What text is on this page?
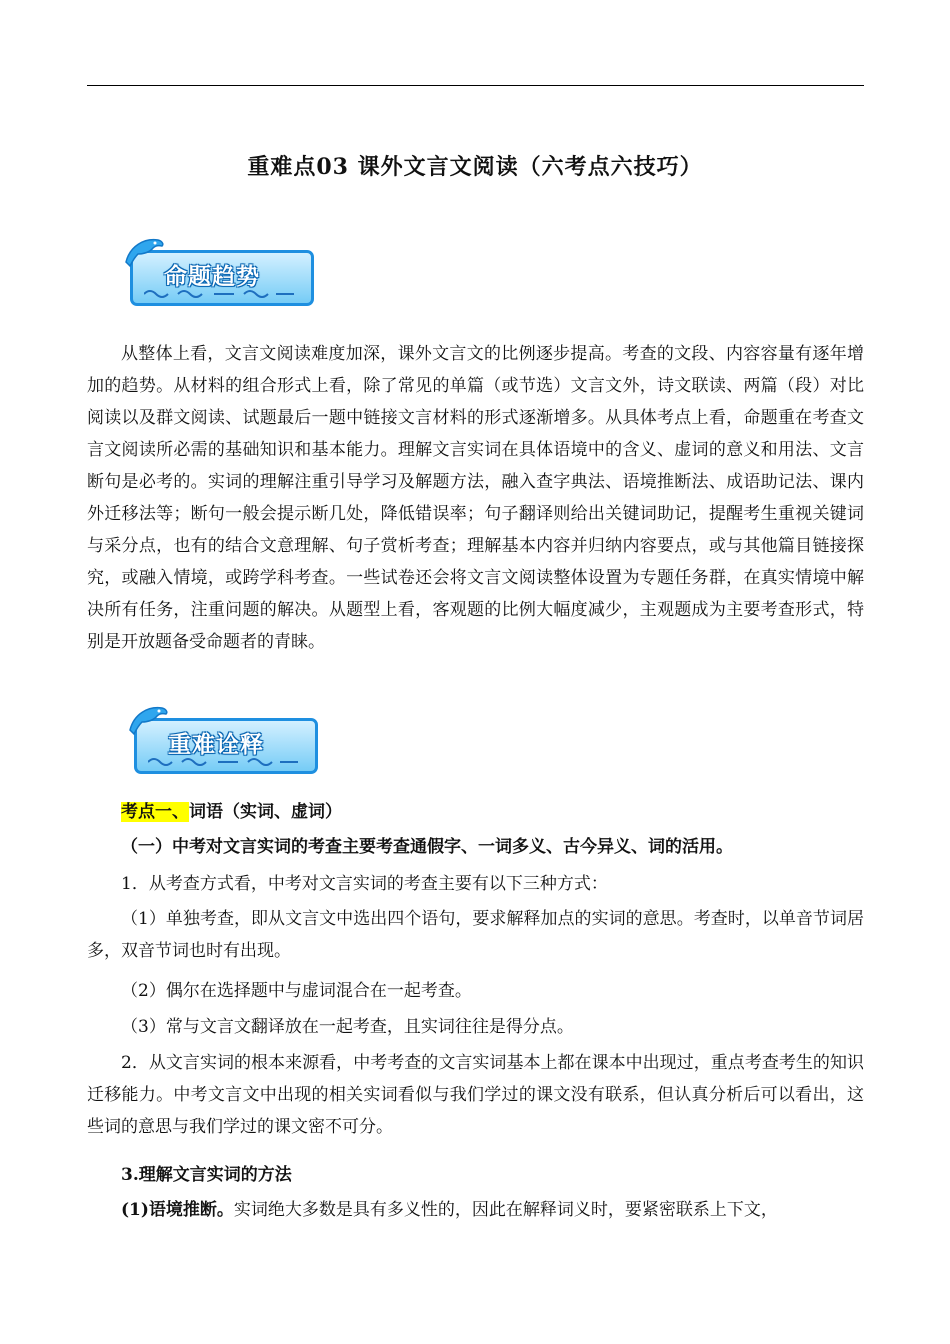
重难点03 课外文言文阅读（六考点六技巧）
命题趋势
从整体上看，文言文阅读难度加深，课外文言文的比例逐步提高。考查的文段、内容容量有逐年增加的趋势。从材料的组合形式上看，除了常见的单篇（或节选）文言文外，诗文联读、两篇（段）对比阅读以及群文阅读、试题最后一题中链接文言材料的形式逐渐增多。从具体考点上看，命题重在考查文言文阅读所必需的基础知识和基本能力。理解文言实词在具体语境中的含义、虚词的意义和用法、文言断句是必考的。实词的理解注重引导学习及解题方法，融入查字典法、语境推断法、成语助记法、课内外迁移法等；断句一般会提示断几处，降低错误率；句子翻译则给出关键词助记，提醒考生重视关键词与采分点，也有的结合文意理解、句子赏析考查；理解基本内容并归纳内容要点，或与其他篇目链接探究，或融入情境，或跨学科考查。一些试卷还会将文言文阅读整体设置为专题任务群，在真实情境中解决所有任务，注重问题的解决。从题型上看，客观题的比例大幅度减少，主观题成为主要考查形式，特别是开放题备受命题者的青睐。
重难诠释
考点一、词语（实词、虚词）
（一）中考对文言实词的考查主要考查通假字、一词多义、古今异义、词的活用。
1．从考查方式看，中考对文言实词的考查主要有以下三种方式：
（1）单独考查，即从文言文中选出四个语句，要求解释加点的实词的意思。考查时，以单音节词居多，双音节词也时有出现。
（2）偶尔在选择题中与虚词混合在一起考查。
（3）常与文言文翻译放在一起考查，且实词往往是得分点。
2．从文言实词的根本来源看，中考考查的文言实词基本上都在课本中出现过，重点考查考生的知识迁移能力。中考文言文中出现的相关实词看似与我们学过的课文没有联系，但认真分析后可以看出，这些词的意思与我们学过的课文密不可分。
3.理解文言实词的方法
(1)语境推断。实词绝大多数是具有多义性的，因此在解释词义时，要紧密联系上下文，
